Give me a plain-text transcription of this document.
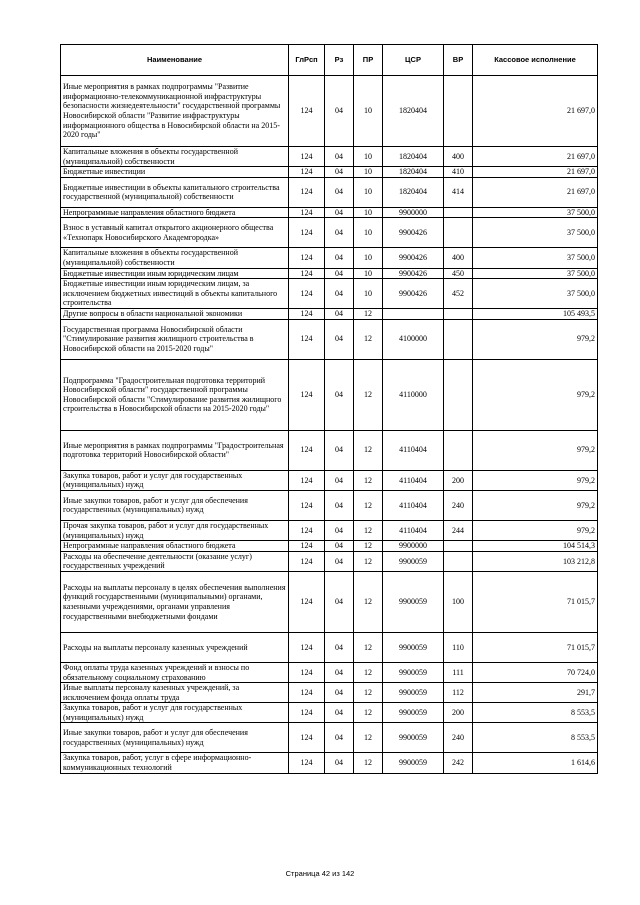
Наименование	ГлРсп	Рз	ПР	ЦСР	ВР	Кассовое исполнение
Иные мероприятия в рамках подпрограммы "Развитие информационно-телекоммуникационной инфраструктуры безопасности жизнедеятельности" государственной программы Новосибирской области "Развитие инфраструктуры информационного общества в Новосибирской области на 2015-2020 годы"	124	04	10	1820404		21 697,0
Капитальные вложения в объекты государственной (муниципальной) собственности	124	04	10	1820404	400	21 697,0
Бюджетные инвестиции	124	04	10	1820404	410	21 697,0
Бюджетные инвестиции в объекты капитального строительства государственной (муниципальной) собственности	124	04	10	1820404	414	21 697,0
Непрограммные направления областного бюджета	124	04	10	9900000		37 500,0
Взнос в уставный капитал открытого акционерного общества «Технопарк Новосибирского Академгородка»	124	04	10	9900426		37 500,0
Капитальные вложения в объекты государственной (муниципальной) собственности	124	04	10	9900426	400	37 500,0
Бюджетные инвестиции иным юридическим лицам	124	04	10	9900426	450	37 500,0
Бюджетные инвестиции иным юридическим лицам, за исключением бюджетных инвестиций в объекты капитального строительства	124	04	10	9900426	452	37 500,0
Другие вопросы в области национальной экономики	124	04	12			105 493,5
Государственная программа Новосибирской области "Стимулирование развития жилищного строительства в Новосибирской области на 2015-2020 годы"	124	04	12	4100000		979,2
Подпрограмма "Градостроительная подготовка территорий Новосибирской области" государственной программы Новосибирской области "Стимулирование развития жилищного строительства в Новосибирской области на 2015-2020 годы"	124	04	12	4110000		979,2
Иные мероприятия в рамках подпрограммы "Градостроительная подготовка территорий Новосибирской области"	124	04	12	4110404		979,2
Закупка товаров, работ и услуг для государственных (муниципальных) нужд	124	04	12	4110404	200	979,2
Иные закупки товаров, работ и услуг для обеспечения государственных (муниципальных) нужд	124	04	12	4110404	240	979,2
Прочая закупка товаров, работ и услуг для государственных (муниципальных) нужд	124	04	12	4110404	244	979,2
Непрограммные направления областного бюджета	124	04	12	9900000		104 514,3
Расходы на обеспечение деятельности (оказание услуг) государственных учреждений	124	04	12	9900059		103 212,8
Расходы на выплаты персоналу в целях обеспечения выполнения функций государственными (муниципальными) органами, казенными учреждениями, органами управления государственными внебюджетными фондами	124	04	12	9900059	100	71 015,7
Расходы на выплаты персоналу казенных учреждений	124	04	12	9900059	110	71 015,7
Фонд оплаты труда казенных учреждений и взносы по обязательному социальному страхованию	124	04	12	9900059	111	70 724,0
Иные выплаты персоналу казенных учреждений, за исключением фонда оплаты труда	124	04	12	9900059	112	291,7
Закупка товаров, работ и услуг для государственных (муниципальных) нужд	124	04	12	9900059	200	8 553,5
Иные закупки товаров, работ и услуг для обеспечения государственных (муниципальных) нужд	124	04	12	9900059	240	8 553,5
Закупка товаров, работ, услуг в сфере информационно-коммуникационных технологий	124	04	12	9900059	242	1 614,6
Страница 42 из 142
